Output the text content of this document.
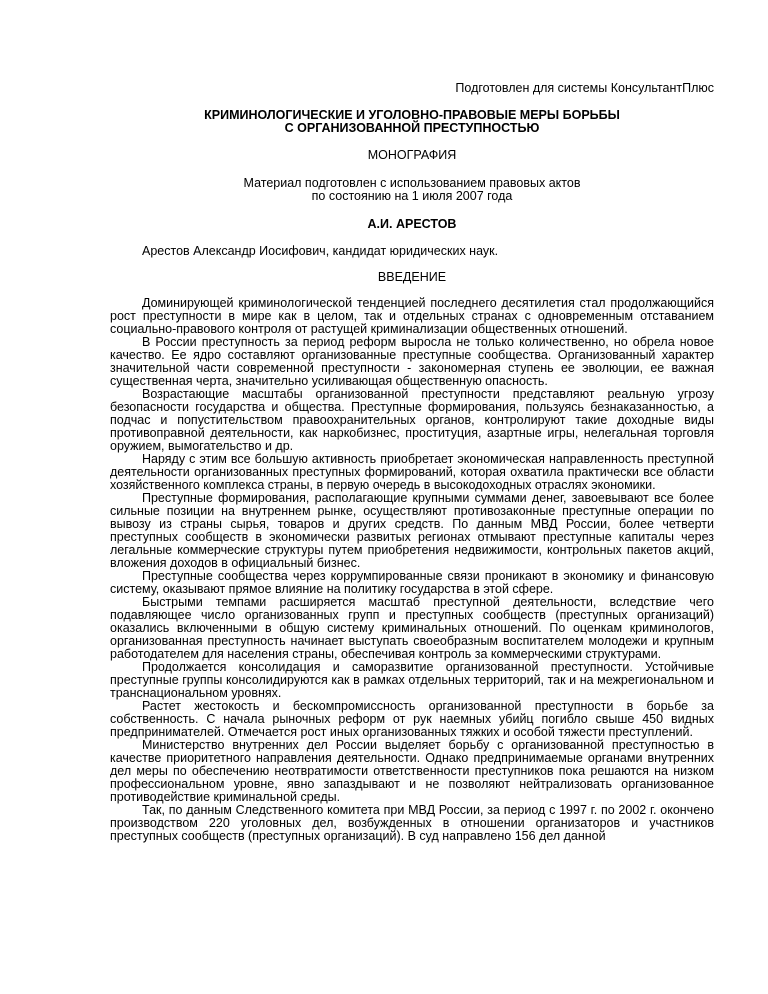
Подготовлен для системы КонсультантПлюс
КРИМИНОЛОГИЧЕСКИЕ И УГОЛОВНО-ПРАВОВЫЕ МЕРЫ БОРЬБЫ
С ОРГАНИЗОВАННОЙ ПРЕСТУПНОСТЬЮ
МОНОГРАФИЯ
Материал подготовлен с использованием правовых актов
по состоянию на 1 июля 2007 года
А.И. АРЕСТОВ
Арестов Александр Иосифович, кандидат юридических наук.
ВВЕДЕНИЕ

Доминирующей криминологической тенденцией последнего десятилетия стал продолжающийся рост преступности в мире как в целом, так и отдельных странах с одновременным отставанием социально-правового контроля от растущей криминализации общественных отношений.

В России преступность за период реформ выросла не только количественно, но обрела новое качество. Ее ядро составляют организованные преступные сообщества. Организованный характер значительной части современной преступности - закономерная ступень ее эволюции, ее важная существенная черта, значительно усиливающая общественную опасность.

Возрастающие масштабы организованной преступности представляют реальную угрозу безопасности государства и общества. Преступные формирования, пользуясь безнаказанностью, а подчас и попустительством правоохранительных органов, контролируют такие доходные виды противоправной деятельности, как наркобизнес, проституция, азартные игры, нелегальная торговля оружием, вымогательство и др.

Наряду с этим все большую активность приобретает экономическая направленность преступной деятельности организованных преступных формирований, которая охватила практически все области хозяйственного комплекса страны, в первую очередь в высокодоходных отраслях экономики.

Преступные формирования, располагающие крупными суммами денег, завоевывают все более сильные позиции на внутреннем рынке, осуществляют противозаконные преступные операции по вывозу из страны сырья, товаров и других средств. По данным МВД России, более четверти преступных сообществ в экономически развитых регионах отмывают преступные капиталы через легальные коммерческие структуры путем приобретения недвижимости, контрольных пакетов акций, вложения доходов в официальный бизнес.

Преступные сообщества через коррумпированные связи проникают в экономику и финансовую систему, оказывают прямое влияние на политику государства в этой сфере.

Быстрыми темпами расширяется масштаб преступной деятельности, вследствие чего подавляющее число организованных групп и преступных сообществ (преступных организаций) оказались включенными в общую систему криминальных отношений. По оценкам криминологов, организованная преступность начинает выступать своеобразным воспитателем молодежи и крупным работодателем для населения страны, обеспечивая контроль за коммерческими структурами.

Продолжается консолидация и саморазвитие организованной преступности. Устойчивые преступные группы консолидируются как в рамках отдельных территорий, так и на межрегиональном и транснациональном уровнях.

Растет жестокость и бескомпромиссность организованной преступности в борьбе за собственность. С начала рыночных реформ от рук наемных убийц погибло свыше 450 видных предпринимателей. Отмечается рост иных организованных тяжких и особой тяжести преступлений.

Министерство внутренних дел России выделяет борьбу с организованной преступностью в качестве приоритетного направления деятельности. Однако предпринимаемые органами внутренних дел меры по обеспечению неотвратимости ответственности преступников пока решаются на низком профессиональном уровне, явно запаздывают и не позволяют нейтрализовать организованное противодействие криминальной среды.

Так, по данным Следственного комитета при МВД России, за период с 1997 г. по 2002 г. окончено производством 220 уголовных дел, возбужденных в отношении организаторов и участников преступных сообществ (преступных организаций). В суд направлено 156 дел данной
